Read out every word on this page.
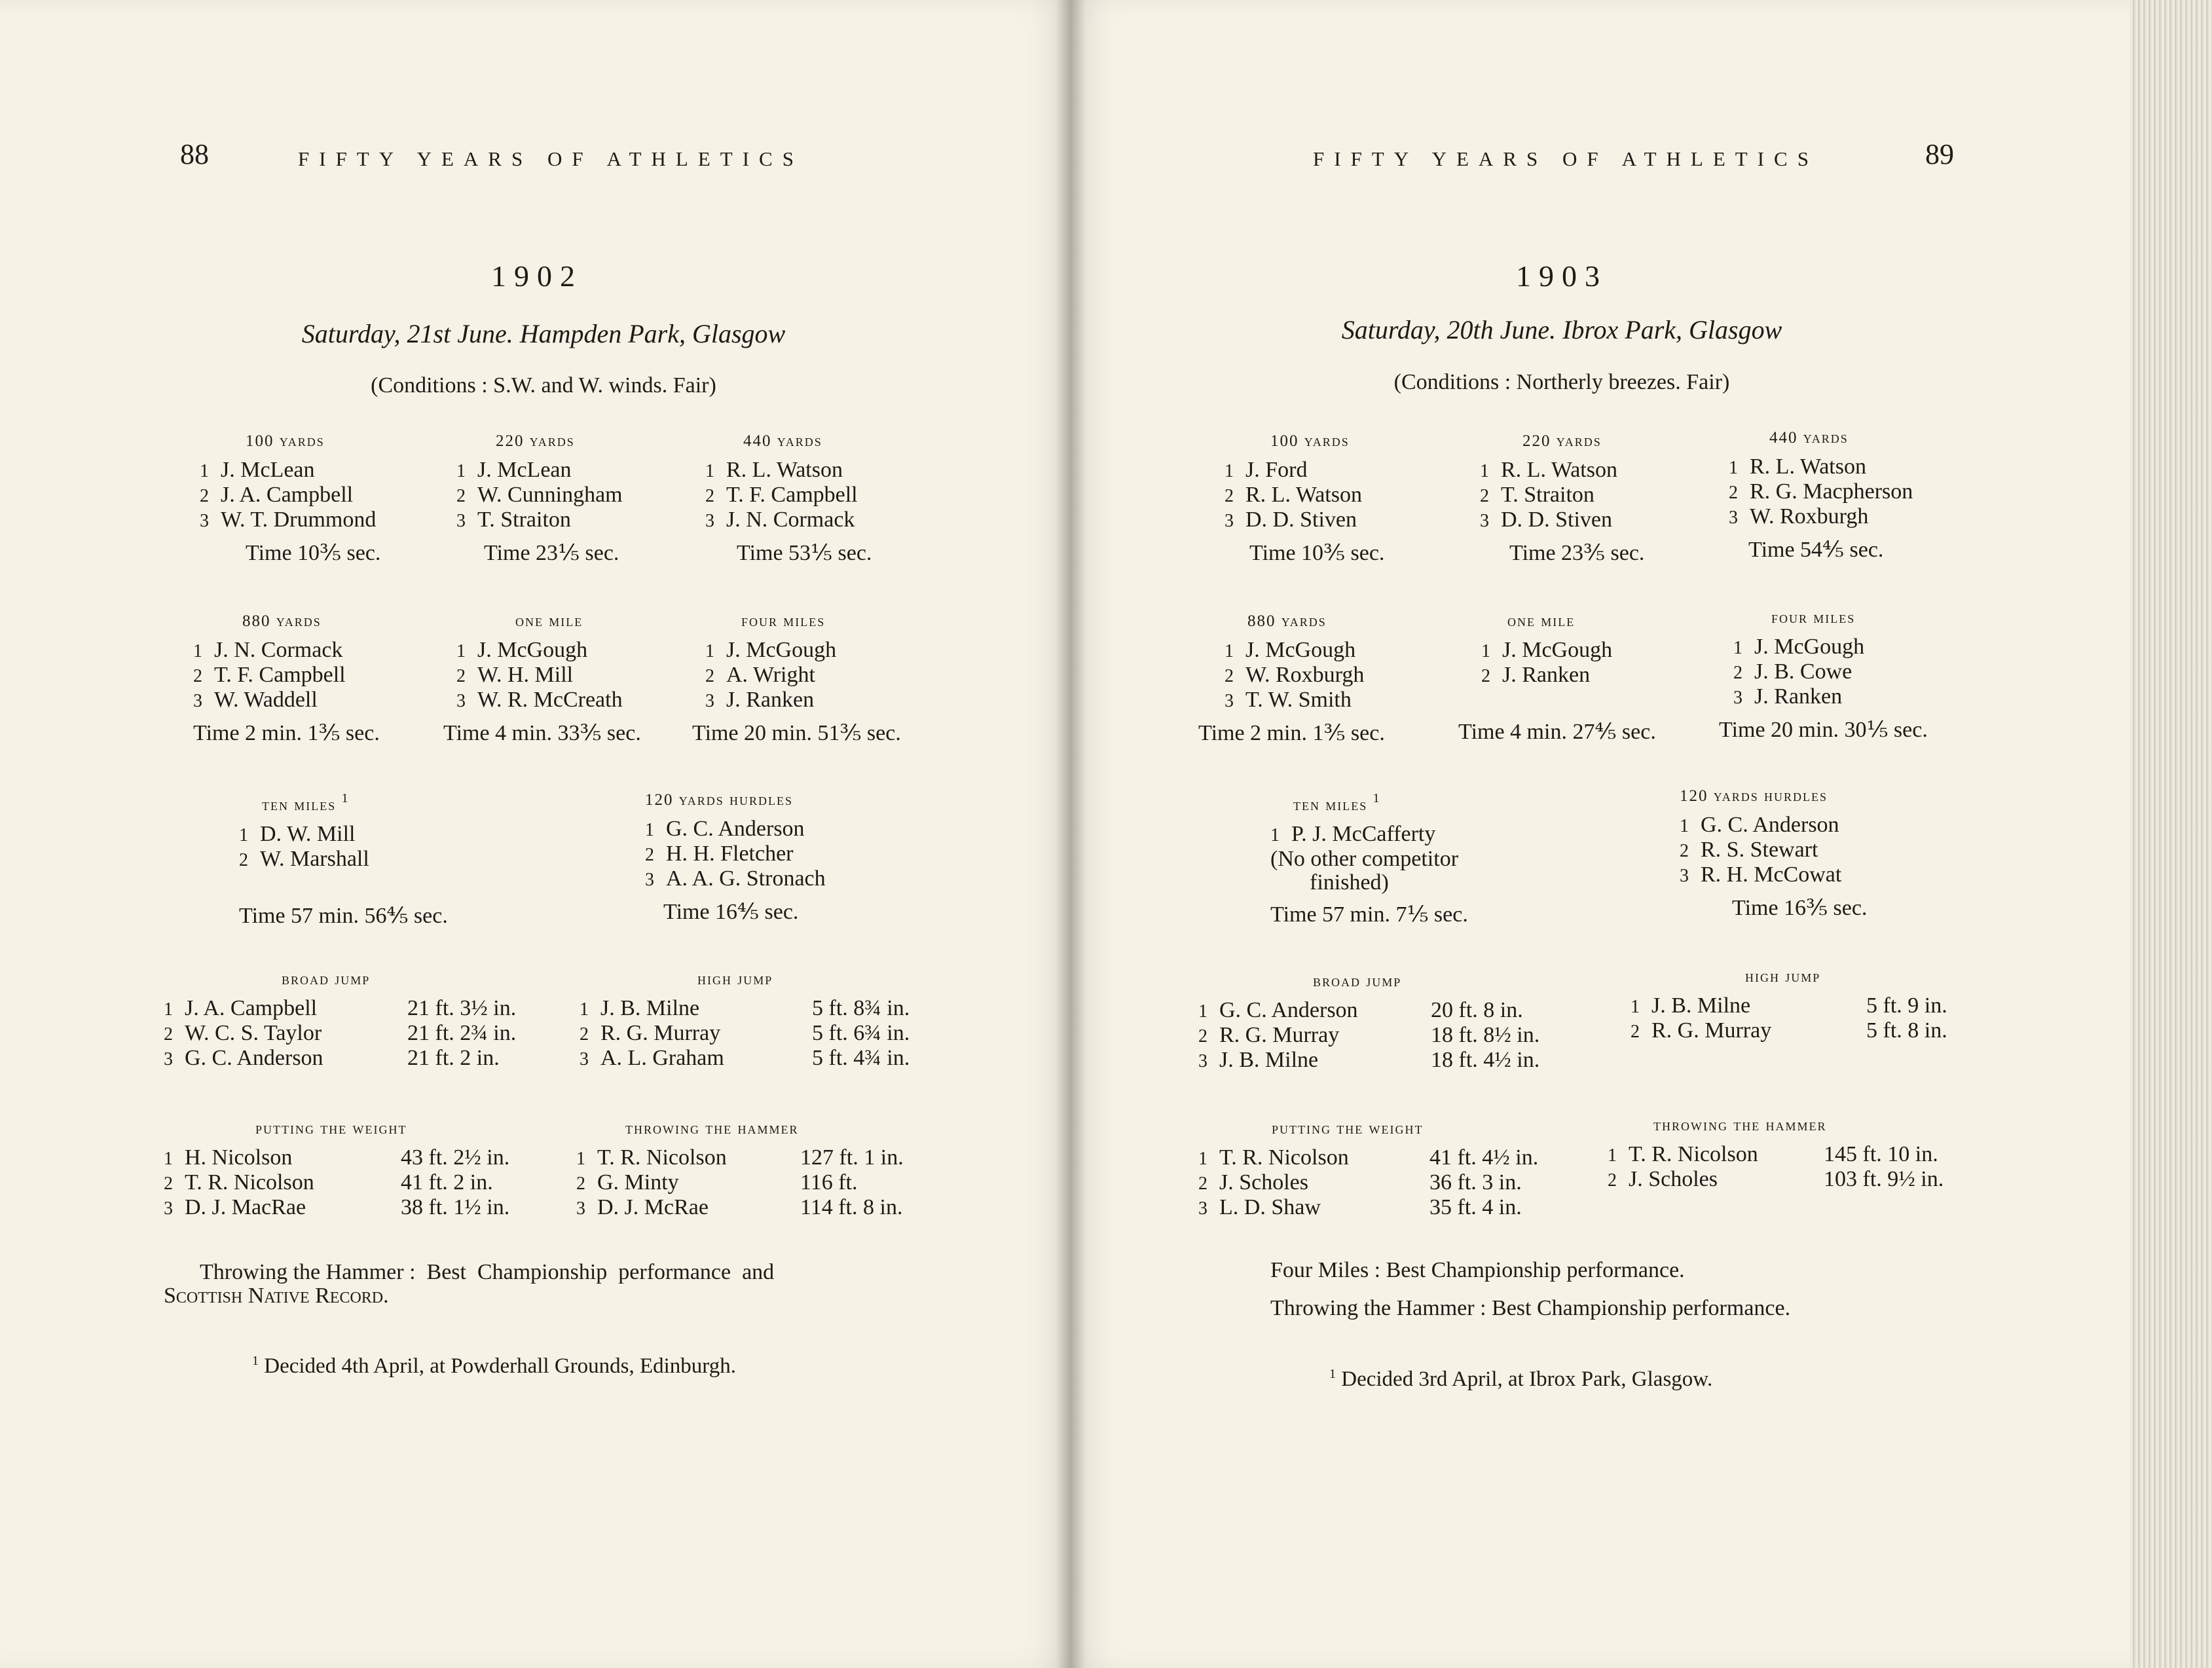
88	FIFTY YEARS OF ATHLETICS
1902
Saturday, 21st June. Hampden Park, Glasgow
(Conditions : S.W. and W. winds. Fair)
100 yards
1 J. McLean
2 J. A. Campbell
3 W. T. Drummond
Time 10⅗ sec.
220 yards
1 J. McLean
2 W. Cunningham
3 T. Straiton
Time 23⅕ sec.
440 yards
1 R. L. Watson
2 T. F. Campbell
3 J. N. Cormack
Time 53⅕ sec.
880 yards
1 J. N. Cormack
2 T. F. Campbell
3 W. Waddell
Time 2 min. 1⅗ sec.
one mile
1 J. McGough
2 W. H. Mill
3 W. R. McCreath
Time 4 min. 33⅗ sec.
four miles
1 J. McGough
2 A. Wright
3 J. Ranken
Time 20 min. 51⅗ sec.
ten miles $^1$
1 D. W. Mill
2 W. Marshall
Time 57 min. 56⅘ sec.
120 yards hurdles
1 G. C. Anderson
2 H. H. Fletcher
3 A. A. G. Stronach
Time 16⅘ sec.
broad jump
1 J. A. Campbell	21 ft. 3½ in.
2 W. C. S. Taylor	21 ft. 2¾ in.
3 G. C. Anderson	21 ft. 2 in.
high jump
1 J. B. Milne	5 ft. 8¾ in.
2 R. G. Murray	5 ft. 6¾ in.
3 A. L. Graham	5 ft. 4¾ in.
putting the weight
1 H. Nicolson	43 ft. 2½ in.
2 T. R. Nicolson	41 ft. 2 in.
3 D. J. MacRae	38 ft. 1½ in.
throwing the hammer
1 T. R. Nicolson	127 ft. 1 in.
2 G. Minty	116 ft.
3 D. J. McRae	114 ft. 8 in.
Throwing the Hammer :  Best  Championship  performance  and
Scottish Native Record.
$^1$ Decided 4th April, at Powderhall Grounds, Edinburgh.
FIFTY YEARS OF ATHLETICS	89
1903
Saturday, 20th June. Ibrox Park, Glasgow
(Conditions : Northerly breezes. Fair)
100 yards
1 J. Ford
2 R. L. Watson
3 D. D. Stiven
Time 10⅗ sec.
220 yards
1 R. L. Watson
2 T. Straiton
3 D. D. Stiven
Time 23⅗ sec.
440 yards
1 R. L. Watson
2 R. G. Macpherson
3 W. Roxburgh
Time 54⅘ sec.
880 yards
1 J. McGough
2 W. Roxburgh
3 T. W. Smith
Time 2 min. 1⅗ sec.
one mile
1 J. McGough
2 J. Ranken
Time 4 min. 27⅘ sec.
four miles
1 J. McGough
2 J. B. Cowe
3 J. Ranken
Time 20 min. 30⅕ sec.
ten miles $^1$
1 P. J. McCafferty
(No other competitor
finished)
Time 57 min. 7⅕ sec.
120 yards hurdles
1 G. C. Anderson
2 R. S. Stewart
3 R. H. McCowat
Time 16⅗ sec.
broad jump
1 G. C. Anderson	20 ft. 8 in.
2 R. G. Murray	18 ft. 8½ in.
3 J. B. Milne	18 ft. 4½ in.
high jump
1 J. B. Milne	5 ft. 9 in.
2 R. G. Murray	5 ft. 8 in.
putting the weight
1 T. R. Nicolson	41 ft. 4½ in.
2 J. Scholes	36 ft. 3 in.
3 L. D. Shaw	35 ft. 4 in.
throwing the hammer
1 T. R. Nicolson	145 ft. 10 in.
2 J. Scholes	103 ft. 9½ in.
Four Miles : Best Championship performance.
Throwing the Hammer : Best Championship performance.
$^1$ Decided 3rd April, at Ibrox Park, Glasgow.
